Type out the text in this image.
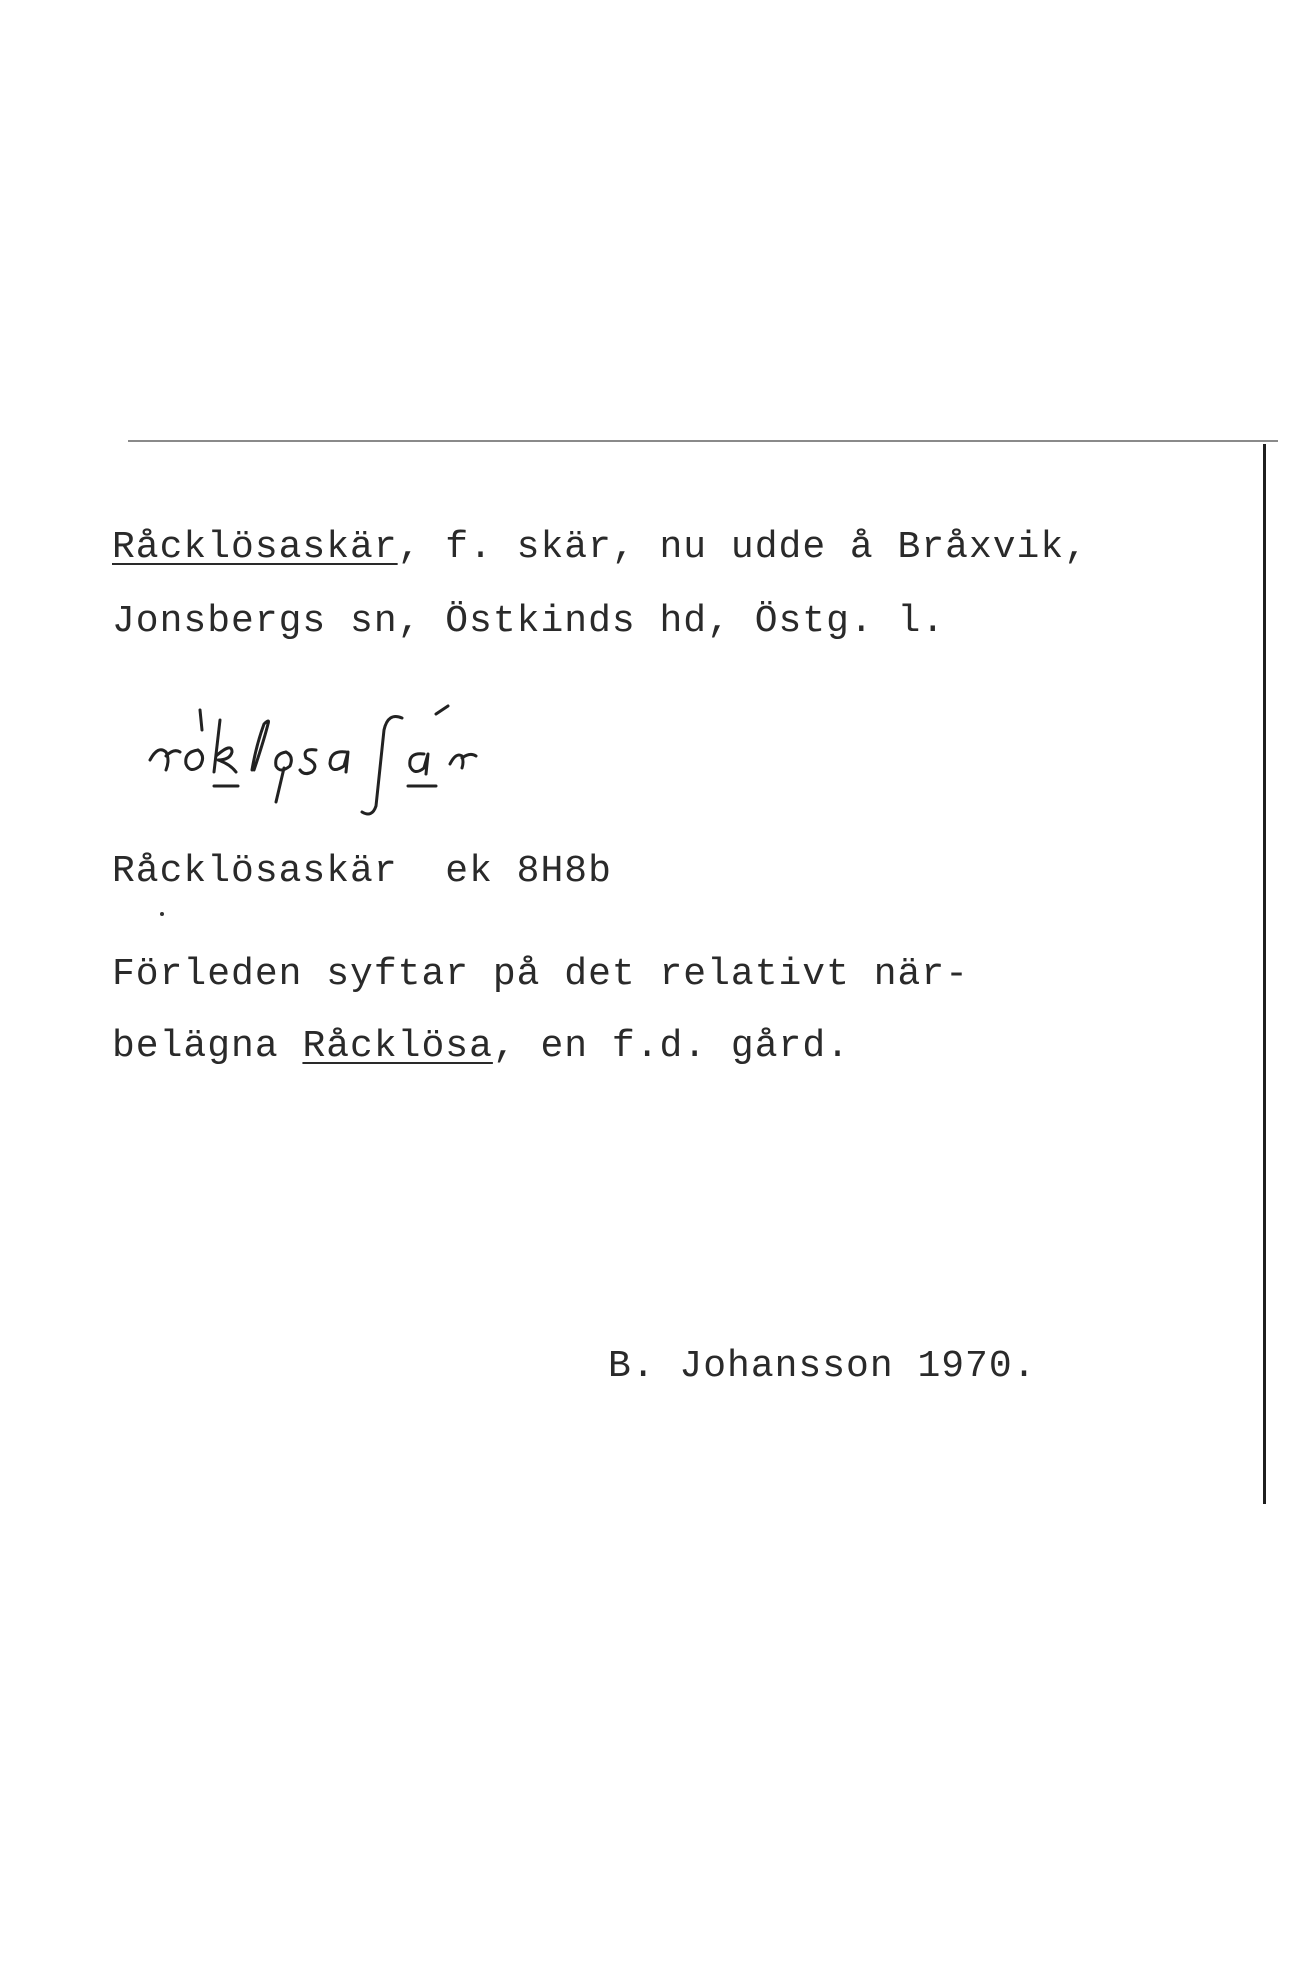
Råcklösaskär, f. skär, nu udde å Bråxvik,
Jonsbergs sn, Östkinds hd, Östg. l.
Råcklösaskär ek 8H8b
Förleden syftar på det relativt när-
belägna Råcklösa, en f.d. gård.
B. Johansson 1970.
